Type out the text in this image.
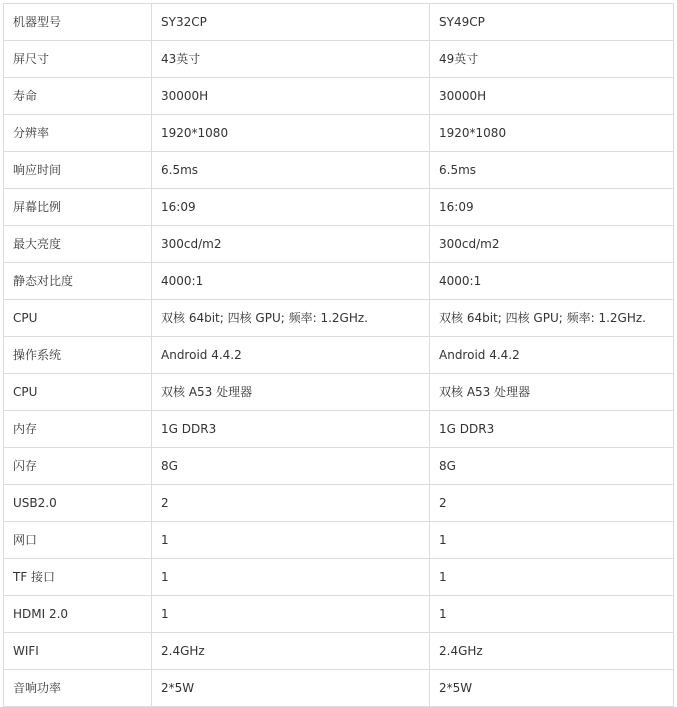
机器型号	SY32CP	SY49CP
屏尺寸	43英寸	49英寸
寿命	30000H	30000H
分辨率	1920*1080	1920*1080
响应时间	6.5ms	6.5ms
屏幕比例	16:09	16:09
最大亮度	300cd/m2	300cd/m2
静态对比度	4000:1	4000:1
CPU	双核 64bit; 四核 GPU; 频率: 1.2GHz.	双核 64bit; 四核 GPU; 频率: 1.2GHz.
操作系统	Android 4.4.2	Android 4.4.2
CPU	双核 A53 处理器	双核 A53 处理器
内存	1G DDR3	1G DDR3
闪存	8G	8G
USB2.0	2	2
网口	1	1
TF 接口	1	1
HDMI 2.0	1	1
WIFI	2.4GHz	2.4GHz
音响功率	2*5W	2*5W
